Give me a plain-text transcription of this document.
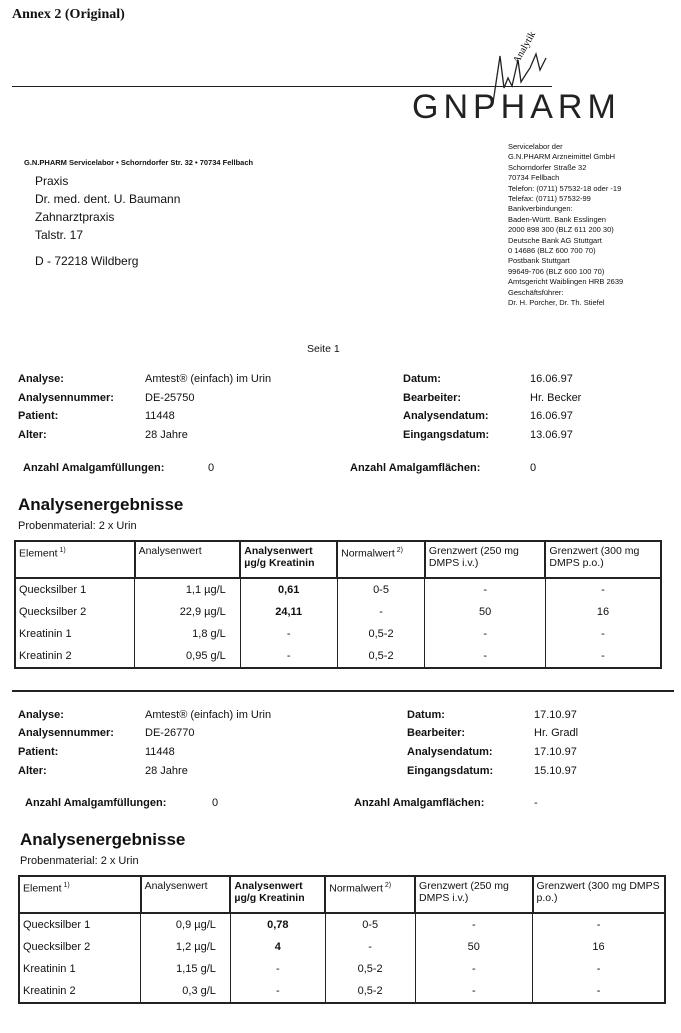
Annex 2 (Original)
GNPHARM
Analytik
G.N.PHARM Servicelabor • Schorndorfer Str. 32 • 70734 Fellbach
Praxis
Dr. med. dent. U. Baumann
Zahnarztpraxis
Talstr. 17
D - 72218 Wildberg
Servicelabor der
G.N.PHARM Arzneimittel GmbH
Schorndorfer Straße 32
70734 Fellbach
Telefon: (0711) 57532-18 oder -19
Telefax: (0711) 57532-99
Bankverbindungen:
Baden-Württ. Bank Esslingen
2000 898 300 (BLZ 611 200 30)
Deutsche Bank AG Stuttgart
0 14686 (BLZ 600 700 70)
Postbank Stuttgart
99649-706 (BLZ 600 100 70)
Amtsgericht Waiblingen HRB 2639
Geschäftsführer:
Dr. H. Porcher, Dr. Th. Stiefel
Seite 1
Analyse:	Amtest® (einfach) im Urin
Analysennummer:	DE-25750
Patient:	11448
Alter:	28 Jahre
Datum:	16.06.97
Bearbeiter:	Hr. Becker
Analysendatum:	16.06.97
Eingangsdatum:	13.06.97
Anzahl Amalgamfüllungen:	0	Anzahl Amalgamflächen:	0
Analysenergebnisse
Probenmaterial: 2 x Urin
Element $^{1)}$	Analysenwert	Analysenwert µg/g Kreatinin	Normalwert $^{2)}$	Grenzwert (250 mg DMPS i.v.)	Grenzwert (300 mg DMPS p.o.)
Quecksilber 1	1,1 µg/L	0,61	0-5	-	-
Quecksilber 2	22,9 µg/L	24,11	-	50	16
Kreatinin 1	1,8 g/L	-	0,5-2	-	-
Kreatinin 2	0,95 g/L	-	0,5-2	-	-
Analyse:	Amtest® (einfach) im Urin
Analysennummer:	DE-26770
Patient:	11448
Alter:	28 Jahre
Datum:	17.10.97
Bearbeiter:	Hr. Gradl
Analysendatum:	17.10.97
Eingangsdatum:	15.10.97
Anzahl Amalgamfüllungen:	0	Anzahl Amalgamflächen:	-
Analysenergebnisse
Probenmaterial: 2 x Urin
Element $^{1)}$	Analysenwert	Analysenwert µg/g Kreatinin	Normalwert $^{2)}$	Grenzwert (250 mg DMPS i.v.)	Grenzwert (300 mg DMPS p.o.)
Quecksilber 1	0,9 µg/L	0,78	0-5	-	-
Quecksilber 2	1,2 µg/L	4	-	50	16
Kreatinin 1	1,15 g/L	-	0,5-2	-	-
Kreatinin 2	0,3 g/L	-	0,5-2	-	-
